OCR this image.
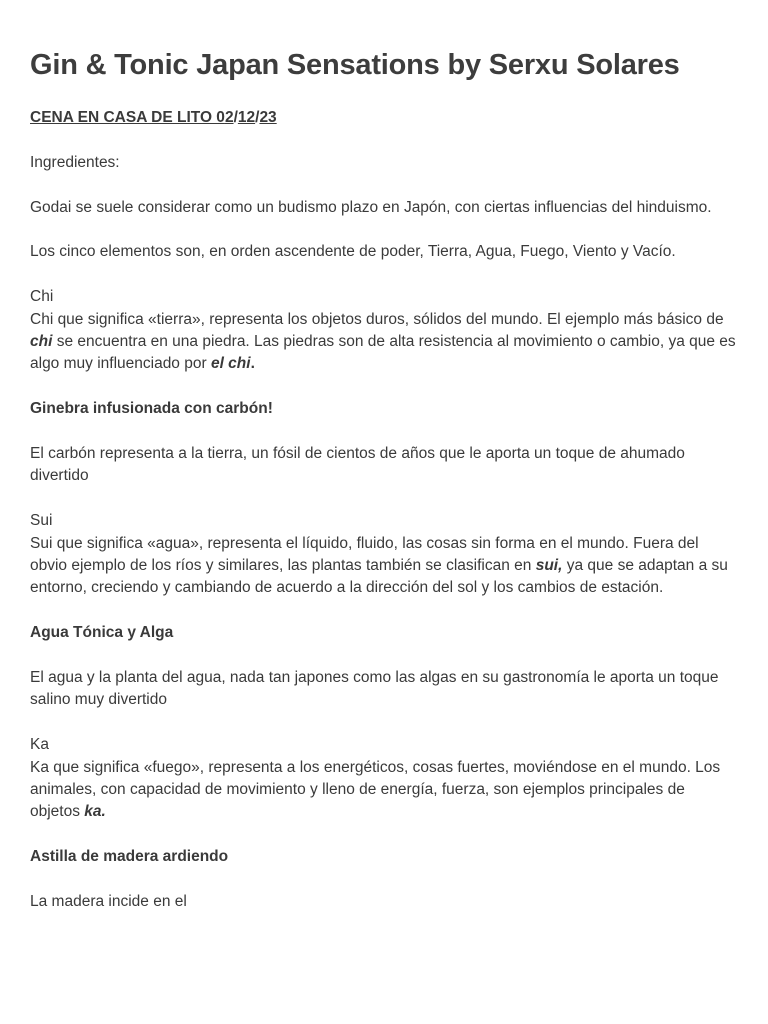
Gin & Tonic Japan Sensations by Serxu Solares

CENA EN CASA DE LITO 02/12/23

Ingredientes:

Godai se suele considerar como un budismo plazo en Japón, con ciertas influencias del hinduismo.

Los cinco elementos son, en orden ascendente de poder, Tierra, Agua, Fuego, Viento y Vacío.

Chi
Chi que significa «tierra», representa los objetos duros, sólidos del mundo. El ejemplo más básico de chi se encuentra en una piedra. Las piedras son de alta resistencia al movimiento o cambio, ya que es algo muy influenciado por el chi.

Ginebra infusionada con carbón!

El carbón representa a la tierra, un fósil de cientos de años que le aporta un toque de ahumado divertido

Sui
Sui que significa «agua», representa el líquido, fluido, las cosas sin forma en el mundo. Fuera del obvio ejemplo de los ríos y similares, las plantas también se clasifican en sui, ya que se adaptan a su entorno, creciendo y cambiando de acuerdo a la dirección del sol y los cambios de estación.

Agua Tónica y Alga

El agua y la planta del agua, nada tan japones como las algas en su gastronomía le aporta un toque salino muy divertido

Ka
Ka que significa «fuego», representa a los energéticos, cosas fuertes, moviéndose en el mundo. Los animales, con capacidad de movimiento y lleno de energía, fuerza, son ejemplos principales de objetos ka.

Astilla de madera ardiendo

La madera incide en el
